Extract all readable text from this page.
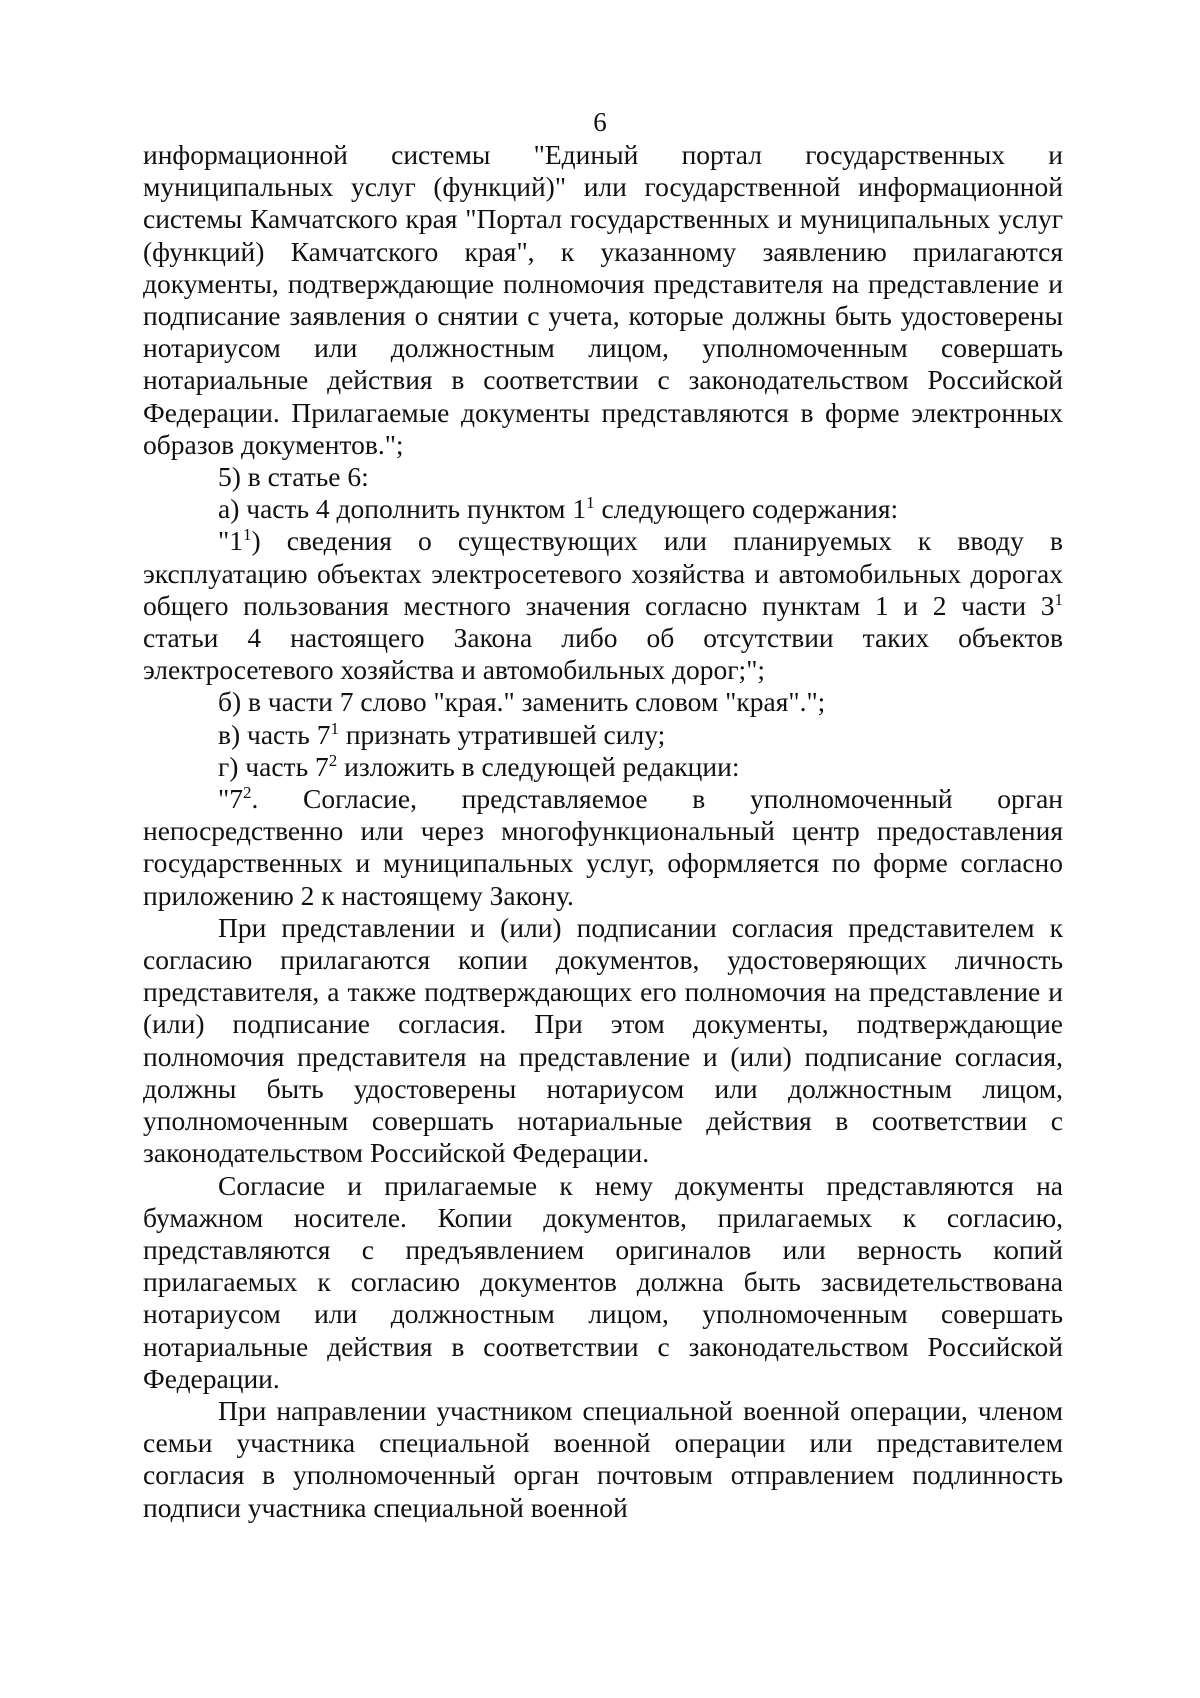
6

информационной системы "Единый портал государственных и муниципальных услуг (функций)" или государственной информационной системы Камчатского края "Портал государственных и муниципальных услуг (функций) Камчатского края", к указанному заявлению прилагаются документы, подтверждающие полномочия представителя на представление и подписание заявления о снятии с учета, которые должны быть удостоверены нотариусом или должностным лицом, уполномоченным совершать нотариальные действия в соответствии с законодательством Российской Федерации. Прилагаемые документы представляются в форме электронных образов документов.";

5) в статье 6:

а) часть 4 дополнить пунктом $1^1$ следующего содержания:

"$1^1$) сведения о существующих или планируемых к вводу в эксплуатацию объектах электросетевого хозяйства и автомобильных дорогах общего пользования местного значения согласно пунктам 1 и 2 части $3^1$ статьи 4 настоящего Закона либо об отсутствии таких объектов электросетевого хозяйства и автомобильных дорог;";

б) в части 7 слово "края." заменить словом "края".";

в) часть $7^1$ признать утратившей силу;

г) часть $7^2$ изложить в следующей редакции:

"$7^2$. Согласие, представляемое в уполномоченный орган непосредственно или через многофункциональный центр предоставления государственных и муниципальных услуг, оформляется по форме согласно приложению 2 к настоящему Закону.

При представлении и (или) подписании согласия представителем к согласию прилагаются копии документов, удостоверяющих личность представителя, а также подтверждающих его полномочия на представление и (или) подписание согласия. При этом документы, подтверждающие полномочия представителя на представление и (или) подписание согласия, должны быть удостоверены нотариусом или должностным лицом, уполномоченным совершать нотариальные действия в соответствии с законодательством Российской Федерации.

Согласие и прилагаемые к нему документы представляются на бумажном носителе. Копии документов, прилагаемых к согласию, представляются с предъявлением оригиналов или верность копий прилагаемых к согласию документов должна быть засвидетельствована нотариусом или должностным лицом, уполномоченным совершать нотариальные действия в соответствии с законодательством Российской Федерации.

При направлении участником специальной военной операции, членом семьи участника специальной военной операции или представителем согласия в уполномоченный орган почтовым отправлением подлинность подписи участника специальной военной
